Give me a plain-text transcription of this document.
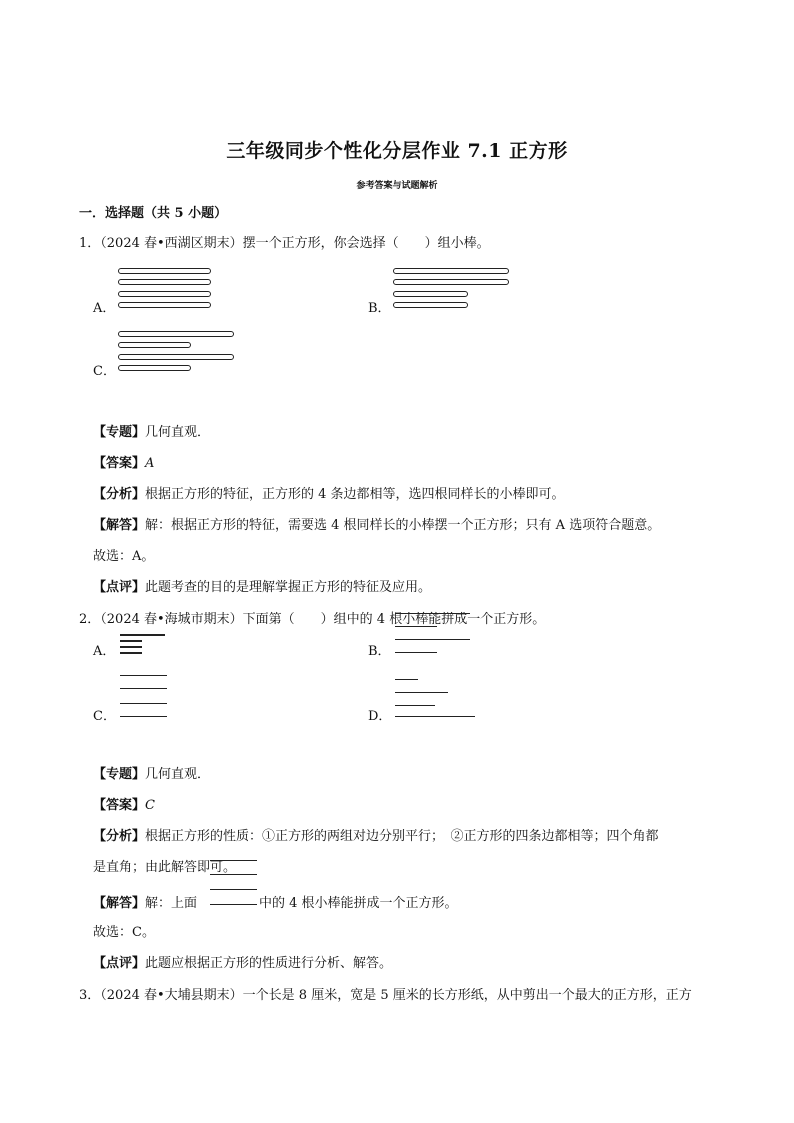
三年级同步个性化分层作业 7.1 正方形
参考答案与试题解析
一．选择题（共 5 小题）
1．（2024 春•西湖区期末）摆一个正方形，你会选择（　　）组小棒。
A．	B．
C．
【专题】几何直观．
【答案】A
【分析】根据正方形的特征，正方形的 4 条边都相等，选四根同样长的小棒即可。
【解答】解：根据正方形的特征，需要选 4 根同样长的小棒摆一个正方形；只有 A 选项符合题意。
故选：A。
【点评】此题考查的目的是理解掌握正方形的特征及应用。
2．（2024 春•海城市期末）下面第（　　）组中的 4 根小棒能拼成一个正方形。
A．	B．
C．	D．
【专题】几何直观．
【答案】C
【分析】根据正方形的性质：①正方形的两组对边分别平行；　②正方形的四条边都相等；四个角都
是直角；由此解答即可。
【解答】解：上面	中的 4 根小棒能拼成一个正方形。
故选：C。
【点评】此题应根据正方形的性质进行分析、解答。
3．（2024 春•大埔县期末）一个长是 8 厘米，宽是 5 厘米的长方形纸，从中剪出一个最大的正方形，正方
